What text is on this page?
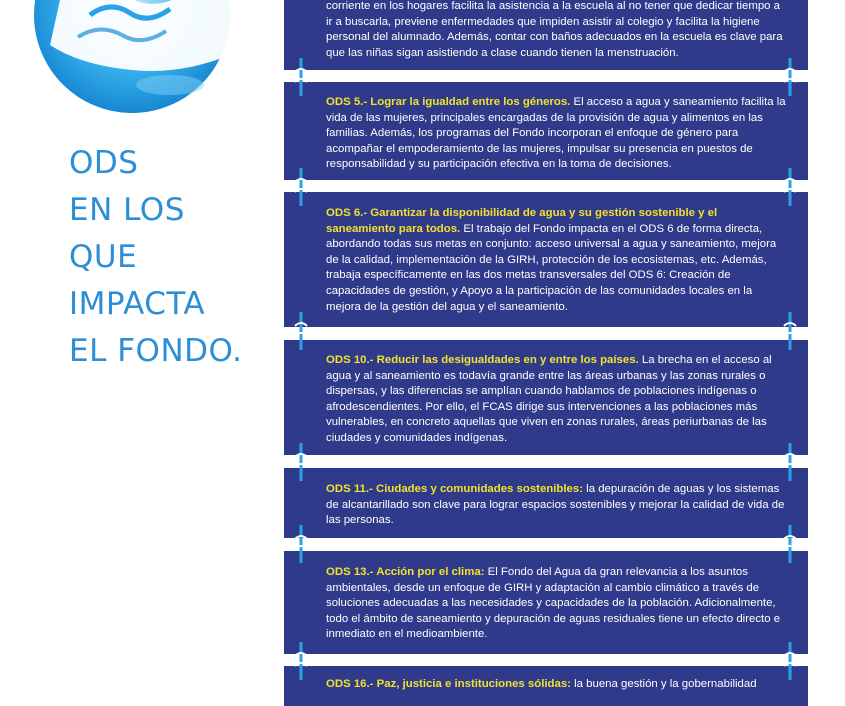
ODS
EN LOS
QUE
IMPACTA
EL FONDO.

corriente en los hogares facilita la asistencia a la escuela al no tener que dedicar tiempo a ir a buscarla, previene enfermedades que impiden asistir al colegio y facilita la higiene personal del alumnado. Además, contar con baños adecuados en la escuela es clave para que las niñas sigan asistiendo a clase cuando tienen la menstruación.

ODS 5.- Lograr la igualdad entre los géneros. El acceso a agua y saneamiento facilita la vida de las mujeres, principales encargadas de la provisión de agua y alimentos en las familias. Además, los programas del Fondo incorporan el enfoque de género para acompañar el empoderamiento de las mujeres, impulsar su presencia en puestos de responsabilidad y su participación efectiva en la toma de decisiones.

ODS 6.- Garantizar la disponibilidad de agua y su gestión sostenible y el saneamiento para todos. El trabajo del Fondo impacta en el ODS 6 de forma directa, abordando todas sus metas en conjunto: acceso universal a agua y saneamiento, mejora de la calidad, implementación de la GIRH, protección de los ecosistemas, etc. Además, trabaja específicamente en las dos metas transversales del ODS 6: Creación de capacidades de gestión, y Apoyo a la participación de las comunidades locales en la mejora de la gestión del agua y el saneamiento.

ODS 10.- Reducir las desigualdades en y entre los países. La brecha en el acceso al agua y al saneamiento es todavía grande entre las áreas urbanas y las zonas rurales o dispersas, y las diferencias se amplían cuando hablamos de poblaciones indígenas o afrodescendientes. Por ello, el FCAS dirige sus intervenciones a las poblaciones más vulnerables, en concreto aquellas que viven en zonas rurales, áreas periurbanas de las ciudades y comunidades indígenas.

ODS 11.- Ciudades y comunidades sostenibles: la depuración de aguas y los sistemas de alcantarillado son clave para lograr espacios sostenibles y mejorar la calidad de vida de las personas.

ODS 13.- Acción por el clima: El Fondo del Agua da gran relevancia a los asuntos ambientales, desde un enfoque de GIRH y adaptación al cambio climático a través de soluciones adecuadas a las necesidades y capacidades de la población. Adicionalmente, todo el ámbito de saneamiento y depuración de aguas residuales tiene un efecto directo e inmediato en el medioambiente.

ODS 16.- Paz, justicia e instituciones sólidas: la buena gestión y la gobernabilidad
